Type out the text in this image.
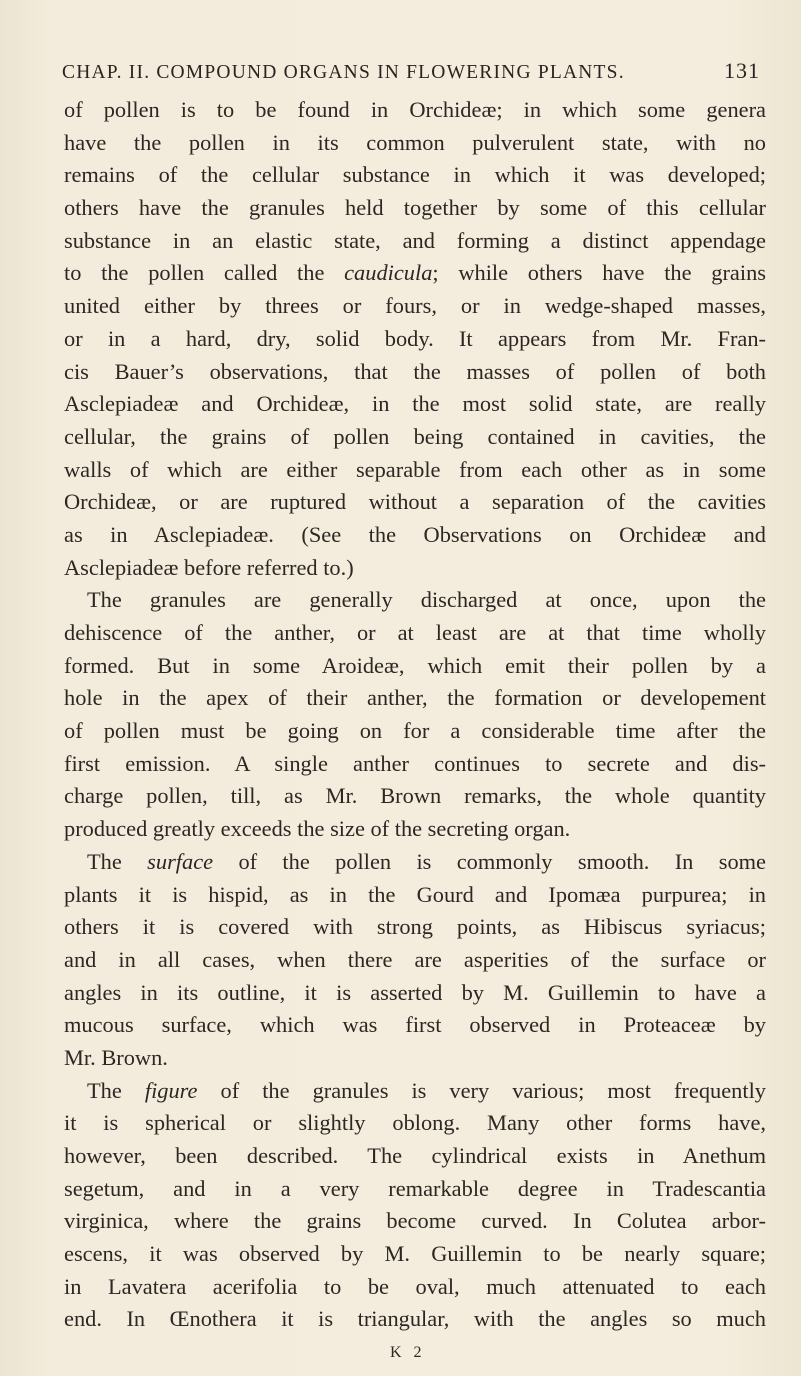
CHAP. II. COMPOUND ORGANS IN FLOWERING PLANTS.	131
of pollen is to be found in Orchideæ; in which some genera
have the pollen in its common pulverulent state, with no
remains of the cellular substance in which it was developed;
others have the granules held together by some of this cellular
substance in an elastic state, and forming a distinct appendage
to the pollen called the caudicula; while others have the grains
united either by threes or fours, or in wedge-shaped masses,
or in a hard, dry, solid body. It appears from Mr. Fran-
cis Bauer’s observations, that the masses of pollen of both
Asclepiadeæ and Orchideæ, in the most solid state, are really
cellular, the grains of pollen being contained in cavities, the
walls of which are either separable from each other as in some
Orchideæ, or are ruptured without a separation of the cavities
as in Asclepiadeæ. (See the Observations on Orchideæ and
Asclepiadeæ before referred to.)
The granules are generally discharged at once, upon the
dehiscence of the anther, or at least are at that time wholly
formed. But in some Aroideæ, which emit their pollen by a
hole in the apex of their anther, the formation or developement
of pollen must be going on for a considerable time after the
first emission. A single anther continues to secrete and dis-
charge pollen, till, as Mr. Brown remarks, the whole quantity
produced greatly exceeds the size of the secreting organ.
The surface of the pollen is commonly smooth. In some
plants it is hispid, as in the Gourd and Ipomæa purpurea; in
others it is covered with strong points, as Hibiscus syriacus;
and in all cases, when there are asperities of the surface or
angles in its outline, it is asserted by M. Guillemin to have a
mucous surface, which was first observed in Proteaceæ by
Mr. Brown.
The figure of the granules is very various; most frequently
it is spherical or slightly oblong. Many other forms have,
however, been described. The cylindrical exists in Anethum
segetum, and in a very remarkable degree in Tradescantia
virginica, where the grains become curved. In Colutea arbor-
escens, it was observed by M. Guillemin to be nearly square;
in Lavatera acerifolia to be oval, much attenuated to each
end. In Œnothera it is triangular, with the angles so much
K 2
